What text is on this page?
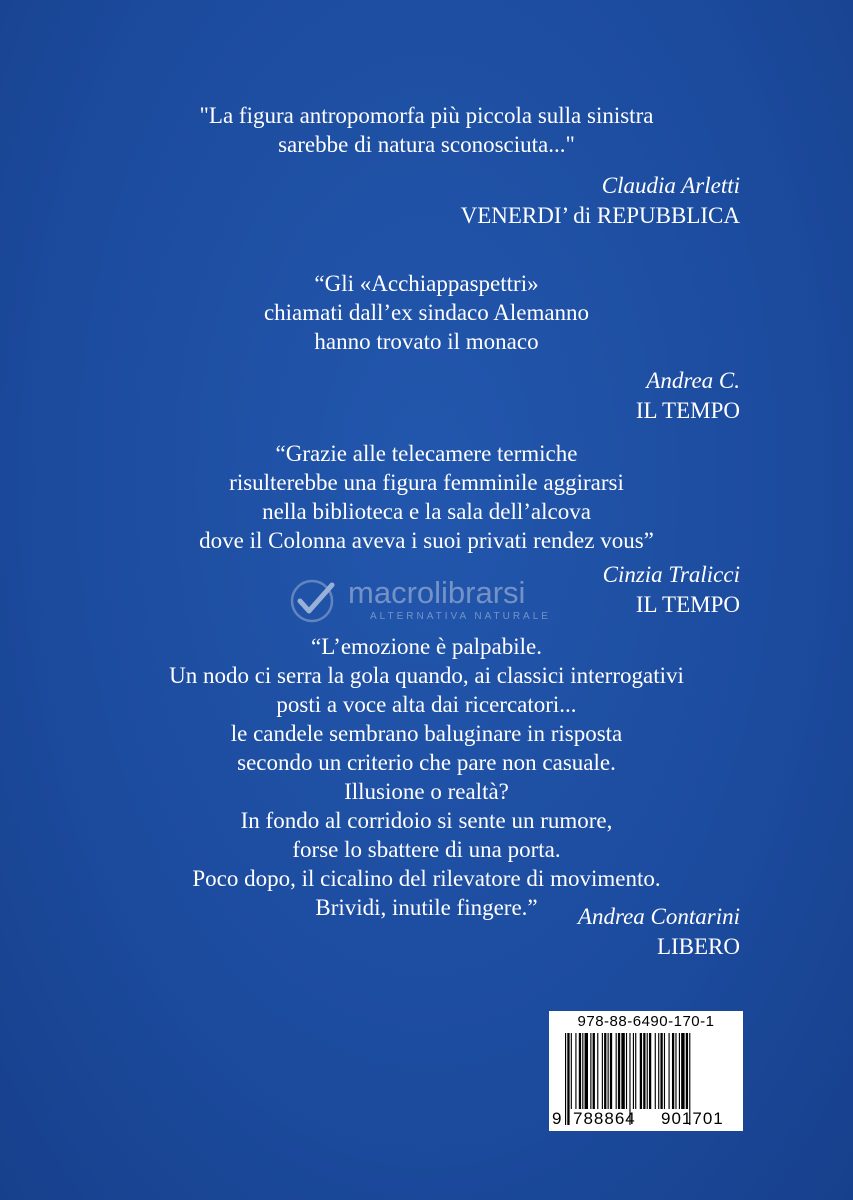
"La figura antropomorfa più piccola sulla sinistra
sarebbe di natura sconosciuta..."
Claudia Arletti
VENERDI’ di REPUBBLICA
“Gli «Acchiappaspettri»
chiamati dall’ex sindaco Alemanno
hanno trovato il monaco
Andrea C.
IL TEMPO
“Grazie alle telecamere termiche
risulterebbe una figura femminile aggirarsi
nella biblioteca e la sala dell’alcova
dove il Colonna aveva i suoi privati rendez vous”
Cinzia Tralicci
IL TEMPO
macrolibrarsi
ALTERNATIVA NATURALE
“L’emozione è palpabile.
Un nodo ci serra la gola quando, ai classici interrogativi
posti a voce alta dai ricercatori...
le candele sembrano baluginare in risposta
secondo un criterio che pare non casuale.
Illusione o realtà?
In fondo al corridoio si sente un rumore,
forse lo sbattere di una porta.
Poco dopo, il cicalino del rilevatore di movimento.
Brividi, inutile fingere.”	Andrea Contarini
LIBERO
978-88-6490-170-1
9 788864 901701
